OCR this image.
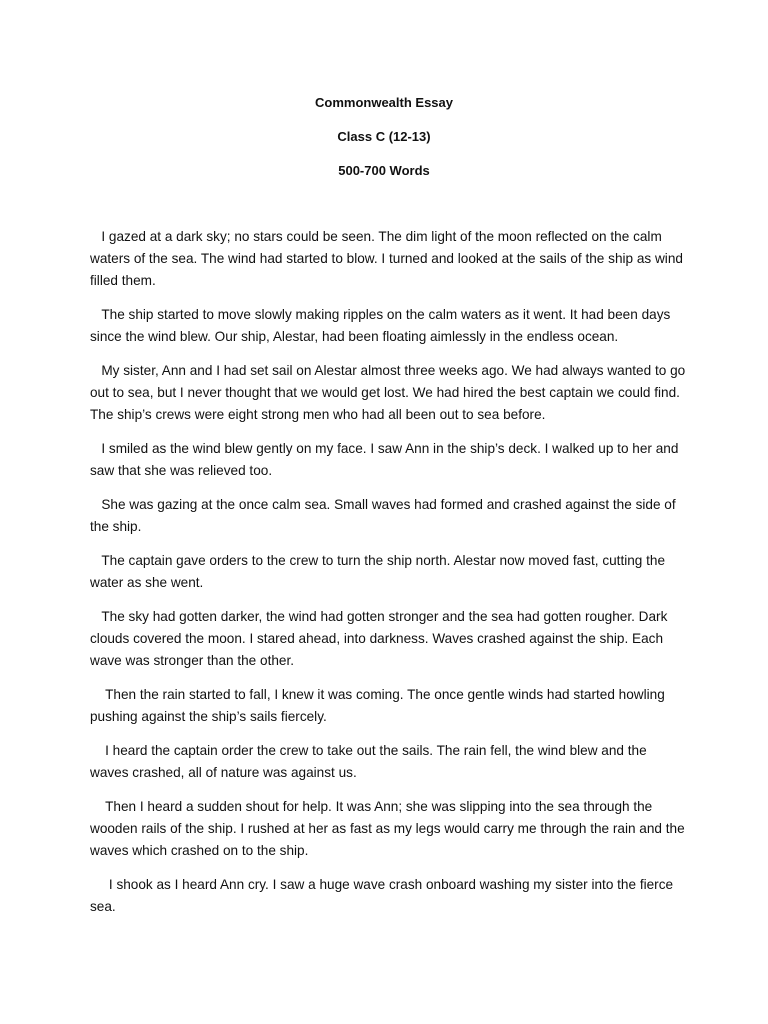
Commonwealth Essay

Class C (12-13)

500-700 Words

I gazed at a dark sky; no stars could be seen. The dim light of the moon reflected on the calm waters of the sea. The wind had started to blow. I turned and looked at the sails of the ship as wind filled them.

The ship started to move slowly making ripples on the calm waters as it went. It had been days since the wind blew. Our ship, Alestar, had been floating aimlessly in the endless ocean.

My sister, Ann and I had set sail on Alestar almost three weeks ago. We had always wanted to go out to sea, but I never thought that we would get lost. We had hired the best captain we could find. The ship’s crews were eight strong men who had all been out to sea before.

I smiled as the wind blew gently on my face. I saw Ann in the ship’s deck. I walked up to her and saw that she was relieved too.

She was gazing at the once calm sea. Small waves had formed and crashed against the side of the ship.

The captain gave orders to the crew to turn the ship north. Alestar now moved fast, cutting the water as she went.

The sky had gotten darker, the wind had gotten stronger and the sea had gotten rougher. Dark clouds covered the moon. I stared ahead, into darkness. Waves crashed against the ship. Each wave was stronger than the other.

Then the rain started to fall, I knew it was coming. The once gentle winds had started howling pushing against the ship’s sails fiercely.

I heard the captain order the crew to take out the sails. The rain fell, the wind blew and the waves crashed, all of nature was against us.

Then I heard a sudden shout for help. It was Ann; she was slipping into the sea through the wooden rails of the ship. I rushed at her as fast as my legs would carry me through the rain and the waves which crashed on to the ship.

I shook as I heard Ann cry. I saw a huge wave crash onboard washing my sister into the fierce sea.
